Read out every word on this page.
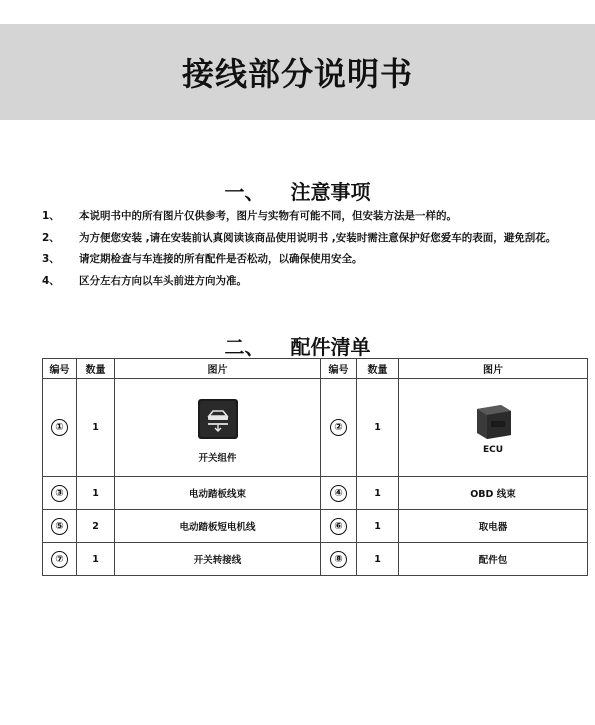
接线部分说明书
一、 注意事项
1、	本说明书中的所有图片仅供参考，图片与实物有可能不同，但安装方法是一样的。
2、	为方便您安装 ,请在安装前认真阅读该商品使用说明书 ,安装时需注意保护好您爱车的表面，避免刮花。
3、	请定期检查与车连接的所有配件是否松动，以确保使用安全。
4、	区分左右方向以车头前进方向为准。
二、 配件清单
编号	数量	图片	编号	数量	图片
①	1	开关组件	②	1	ECU

③	1	电动踏板线束	④	1	OBD 线束
⑤	2	电动踏板短电机线	⑥	1	取电器
⑦	1	开关转接线	⑧	1	配件包
